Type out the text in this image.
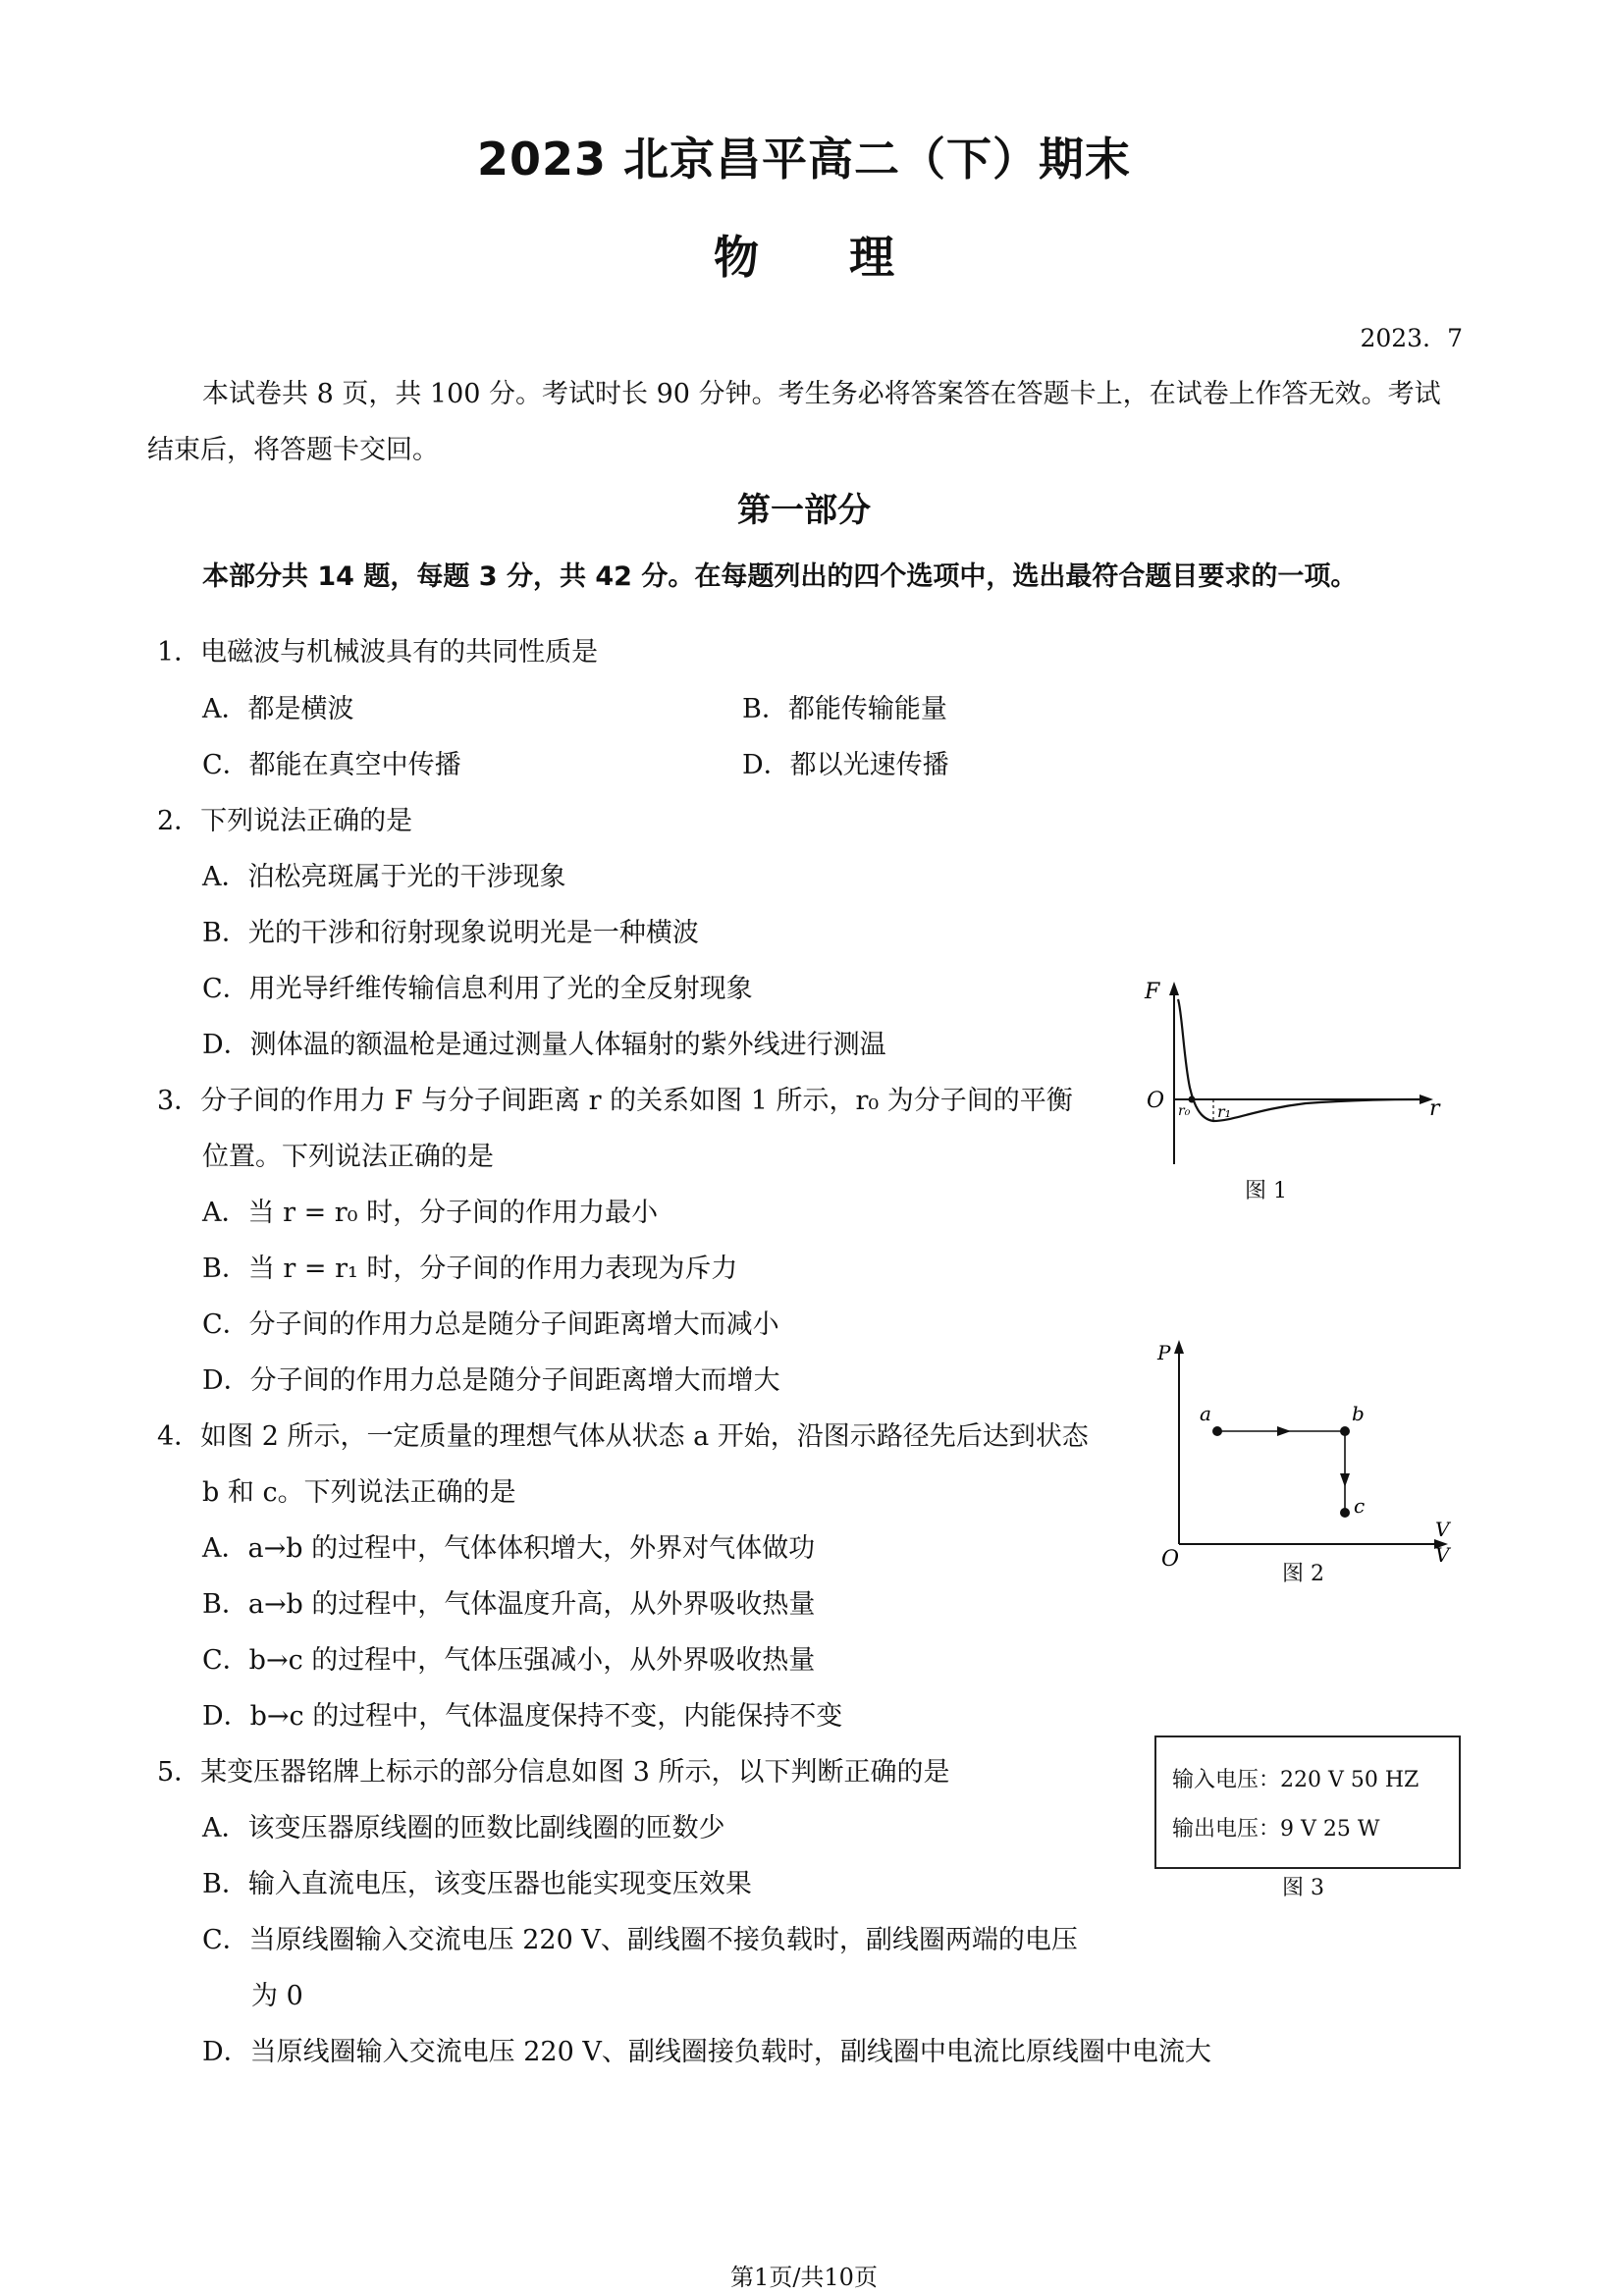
2023 北京昌平高二（下）期末
物　　理
2023．7
本试卷共 8 页，共 100 分。考试时长 90 分钟。考生务必将答案答在答题卡上，在试卷上作答无效。考试结束后，将答题卡交回。
第一部分
本部分共 14 题，每题 3 分，共 42 分。在每题列出的四个选项中，选出最符合题目要求的一项。
1．电磁波与机械波具有的共同性质是
A．都是横波	B．都能传输能量
C．都能在真空中传播	D．都以光速传播
2．下列说法正确的是
A．泊松亮斑属于光的干涉现象
B．光的干涉和衍射现象说明光是一种横波
C．用光导纤维传输信息利用了光的全反射现象
D．测体温的额温枪是通过测量人体辐射的紫外线进行测温
3．分子间的作用力 F 与分子间距离 r 的关系如图 1 所示，r₀ 为分子间的平衡
位置。下列说法正确的是
A．当 r = r₀ 时，分子间的作用力最小
B．当 r = r₁ 时，分子间的作用力表现为斥力
C．分子间的作用力总是随分子间距离增大而减小
D．分子间的作用力总是随分子间距离增大而增大
4．如图 2 所示，一定质量的理想气体从状态 a 开始，沿图示路径先后达到状态
b 和 c。下列说法正确的是
A．a→b 的过程中，气体体积增大，外界对气体做功
B．a→b 的过程中，气体温度升高，从外界吸收热量
C．b→c 的过程中，气体压强减小，从外界吸收热量
D．b→c 的过程中，气体温度保持不变，内能保持不变
5．某变压器铭牌上标示的部分信息如图 3 所示，以下判断正确的是
A．该变压器原线圈的匝数比副线圈的匝数少
B．输入直流电压，该变压器也能实现变压效果
C．当原线圈输入交流电压 220 V、副线圈不接负载时，副线圈两端的电压
为 0
D．当原线圈输入交流电压 220 V、副线圈接负载时，副线圈中电流比原线圈中电流大
F
O	r
r₀ r₁
图 1
P
O
V
V
a	b
c
图 2
输入电压：220 V 50 HZ
输出电压：9 V 25 W
图 3
第1页/共10页
